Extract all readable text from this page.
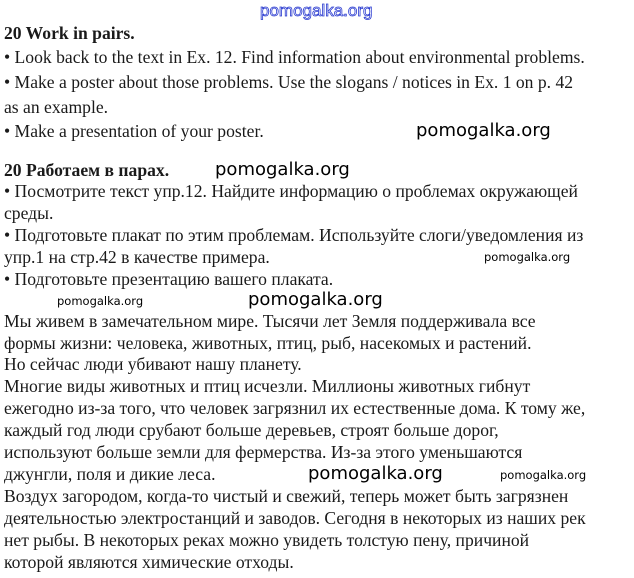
pomogalka.org
20 Work in pairs.
• Look back to the text in Ex. 12. Find information about environmental problems.
• Make a poster about those problems. Use the slogans / notices in Ex. 1 on p. 42
as an example.
• Make a presentation of your poster.	pomogalka.org
20 Работаем в парах.	pomogalka.org
• Посмотрите текст упр.12. Найдите информацию о проблемах окружающей
среды.
• Подготовьте плакат по этим проблемам. Используйте слоги/уведомления из
упр.1 на стр.42 в качестве примера.	pomogalka.org
• Подготовьте презентацию вашего плаката.
pomogalka.org	pomogalka.org
Мы живем в замечательном мире. Тысячи лет Земля поддерживала все
формы жизни: человека, животных, птиц, рыб, насекомых и растений.
Но сейчас люди убивают нашу планету.
Многие виды животных и птиц исчезли. Миллионы животных гибнут
ежегодно из-за того, что человек загрязнил их естественные дома. К тому же,
каждый год люди срубают больше деревьев, строят больше дорог,
используют больше земли для фермерства. Из-за этого уменьшаются
джунгли, поля и дикие леса.	pomogalka.org	pomogalka.org
Воздух загородом, когда-то чистый и свежий, теперь может быть загрязнен
деятельностью электростанций и заводов. Сегодня в некоторых из наших рек
нет рыбы. В некоторых реках можно увидеть толстую пену, причиной
которой являются химические отходы.
